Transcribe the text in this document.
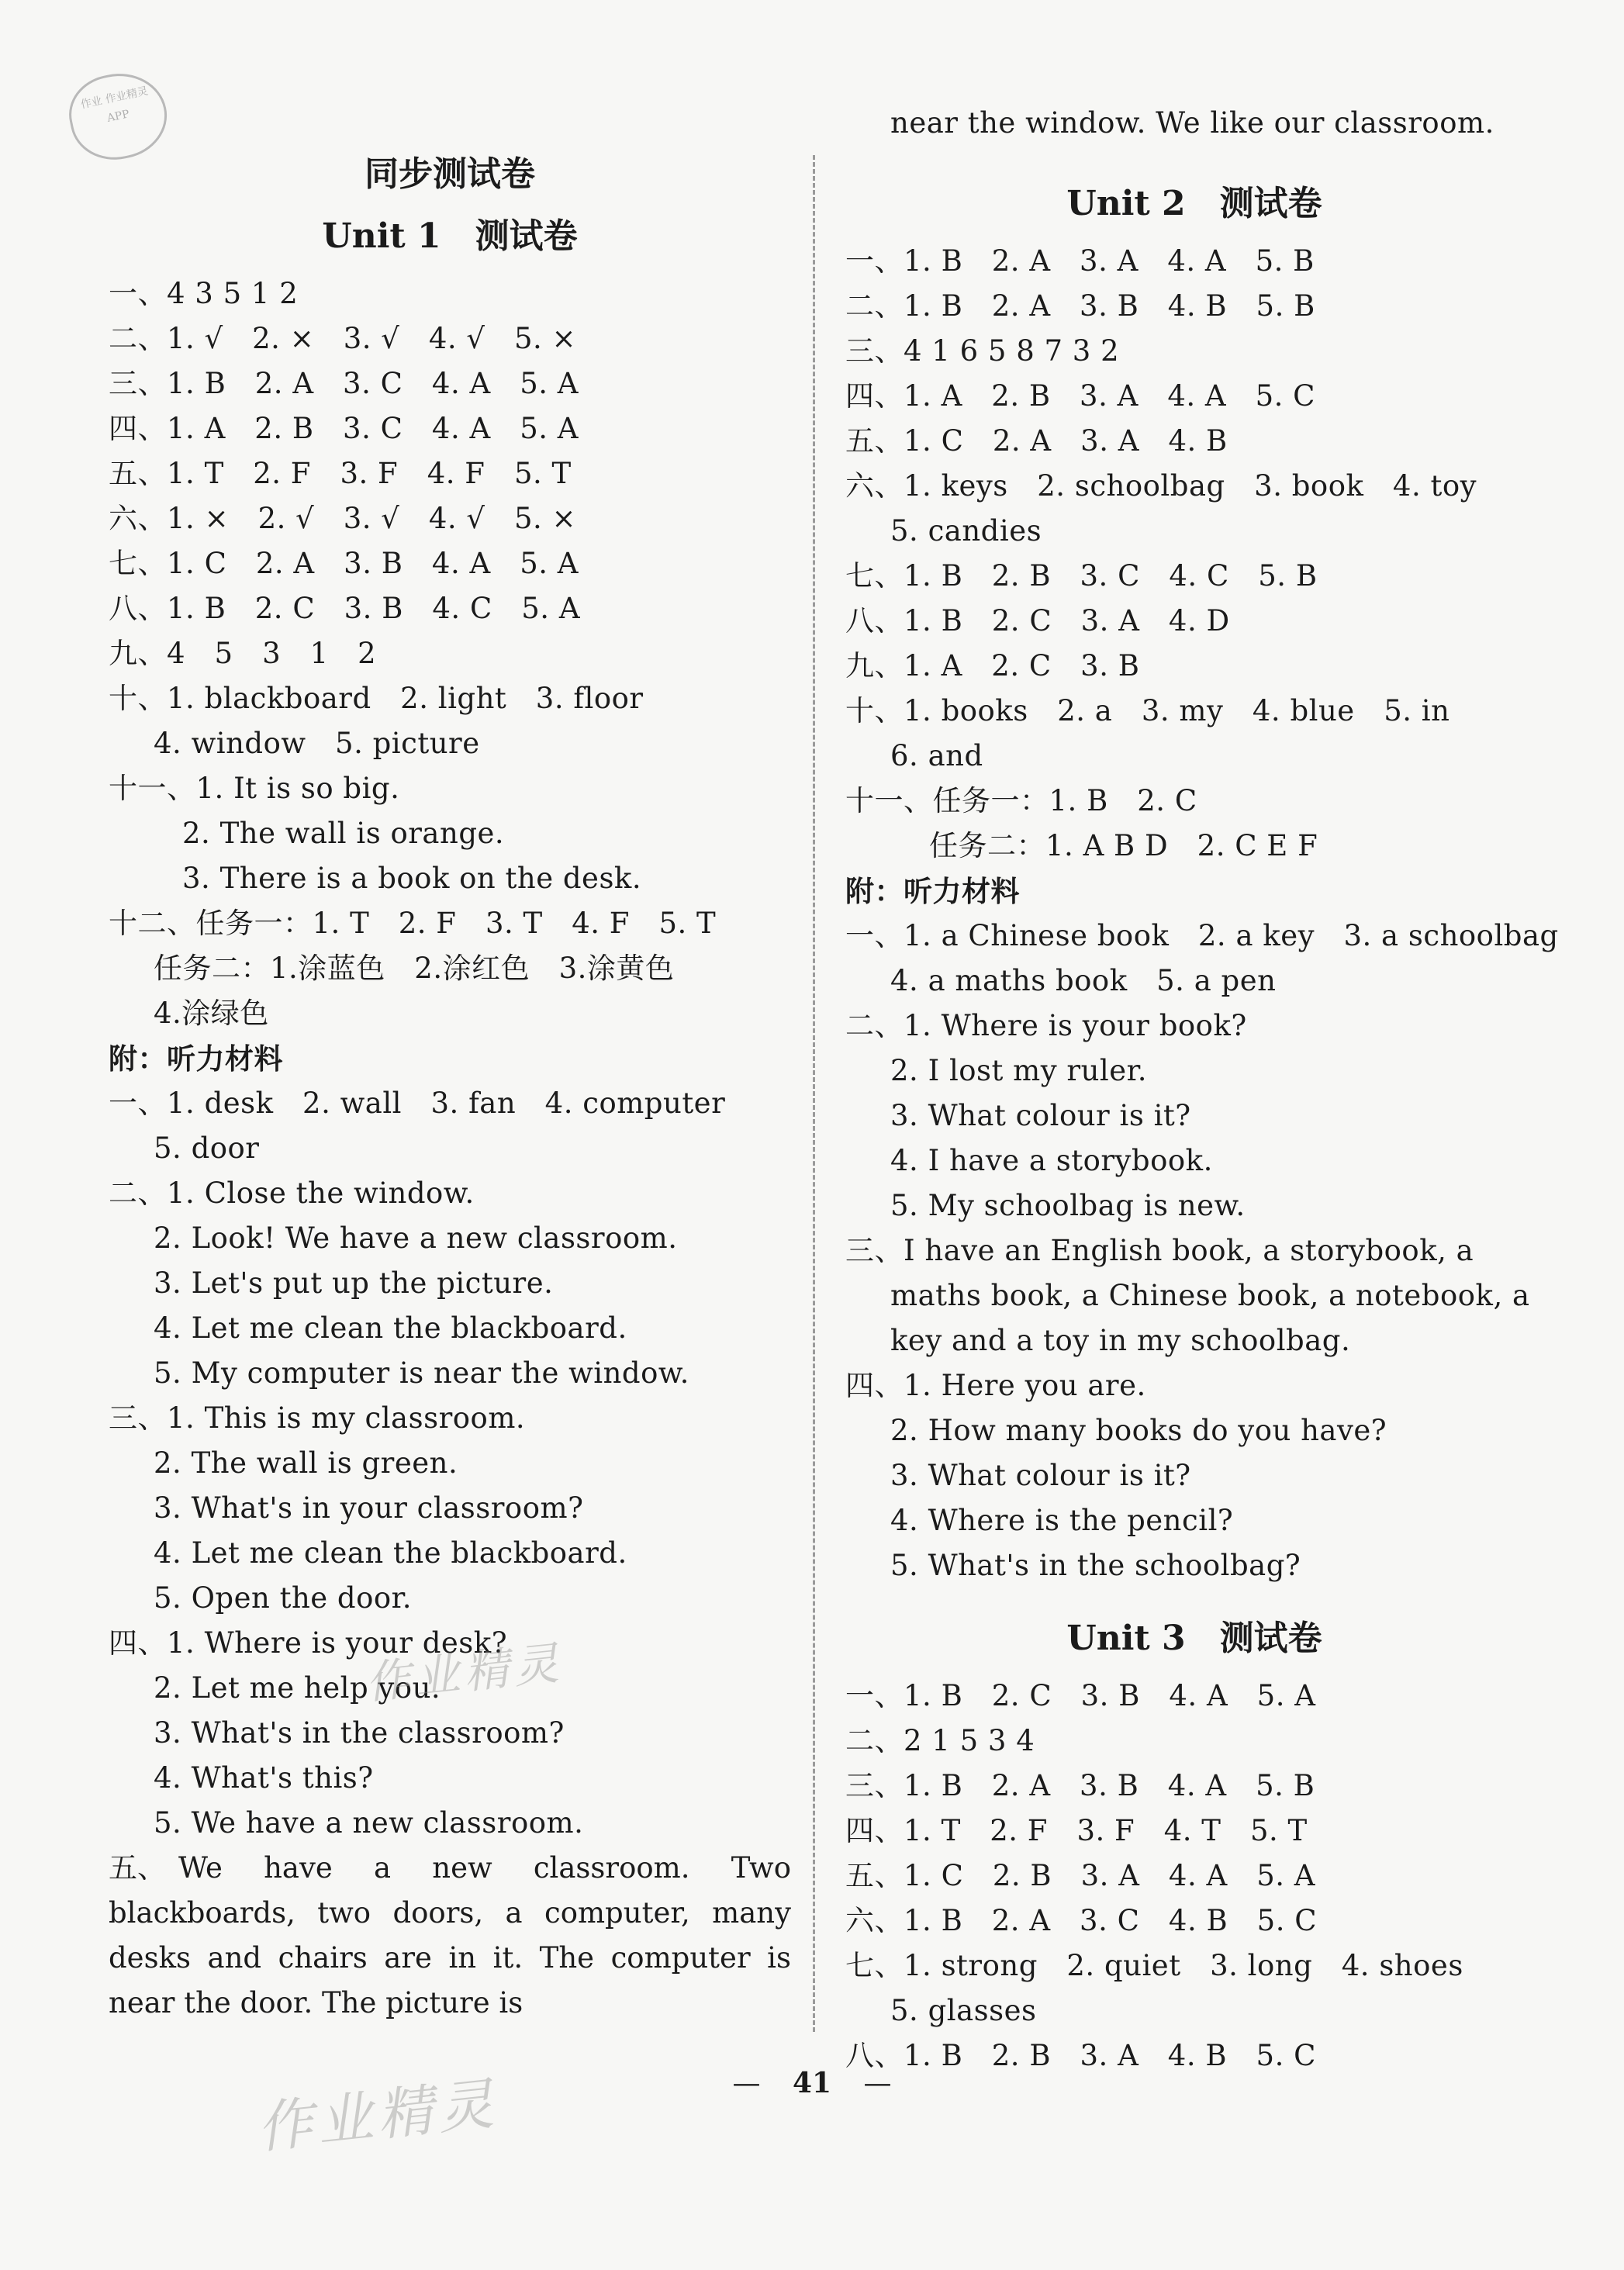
作业 作业精灵 APP
同步测试卷
Unit 1　测试卷
一、4 3 5 1 2
二、1. √　2. ×　3. √　4. √　5. ×
三、1. B　2. A　3. C　4. A　5. A
四、1. A　2. B　3. C　4. A　5. A
五、1. T　2. F　3. F　4. F　5. T
六、1. ×　2. √　3. √　4. √　5. ×
七、1. C　2. A　3. B　4. A　5. A
八、1. B　2. C　3. B　4. C　5. A
九、4　5　3　1　2
十、1. blackboard　2. light　3. floor
4. window　5. picture
十一、1. It is so big.
2. The wall is orange.
3. There is a book on the desk.
十二、任务一：1. T　2. F　3. T　4. F　5. T
任务二：1.涂蓝色　2.涂红色　3.涂黄色
4.涂绿色
附：听力材料
一、1. desk　2. wall　3. fan　4. computer
5. door
二、1. Close the window.
2. Look! We have a new classroom.
3. Let's put up the picture.
4. Let me clean the blackboard.
5. My computer is near the window.
三、1. This is my classroom.
2. The wall is green.
3. What's in your classroom?
4. Let me clean the blackboard.
5. Open the door.
四、1. Where is your desk?
2. Let me help you.
3. What's in the classroom?
4. What's this?
5. We have a new classroom.
五、 We have a new classroom. Two blackboards, two doors, a computer, many desks and chairs are in it. The computer is near the door. The picture is
near the window. We like our classroom.
Unit 2　测试卷
一、1. B　2. A　3. A　4. A　5. B
二、1. B　2. A　3. B　4. B　5. B
三、4 1 6 5 8 7 3 2
四、1. A　2. B　3. A　4. A　5. C
五、1. C　2. A　3. A　4. B
六、1. keys　2. schoolbag　3. book　4. toy
5. candies
七、1. B　2. B　3. C　4. C　5. B
八、1. B　2. C　3. A　4. D
九、1. A　2. C　3. B
十、1. books　2. a　3. my　4. blue　5. in
6. and
十一、任务一：1. B　2. C
任务二：1. A B D　2. C E F
附：听力材料
一、1. a Chinese book　2. a key　3. a schoolbag
4. a maths book　5. a pen
二、1. Where is your book?
2. I lost my ruler.
3. What colour is it?
4. I have a storybook.
5. My schoolbag is new.
三、I have an English book, a storybook, a
maths book, a Chinese book, a notebook, a
key and a toy in my schoolbag.
四、1. Here you are.
2. How many books do you have?
3. What colour is it?
4. Where is the pencil?
5. What's in the schoolbag?
Unit 3　测试卷
一、1. B　2. C　3. B　4. A　5. A
二、2 1 5 3 4
三、1. B　2. A　3. B　4. A　5. B
四、1. T　2. F　3. F　4. T　5. T
五、1. C　2. B　3. A　4. A　5. A
六、1. B　2. A　3. C　4. B　5. C
七、1. strong　2. quiet　3. long　4. shoes
5. glasses
八、1. B　2. B　3. A　4. B　5. C
作业精灵
作业精灵	— 41 —
